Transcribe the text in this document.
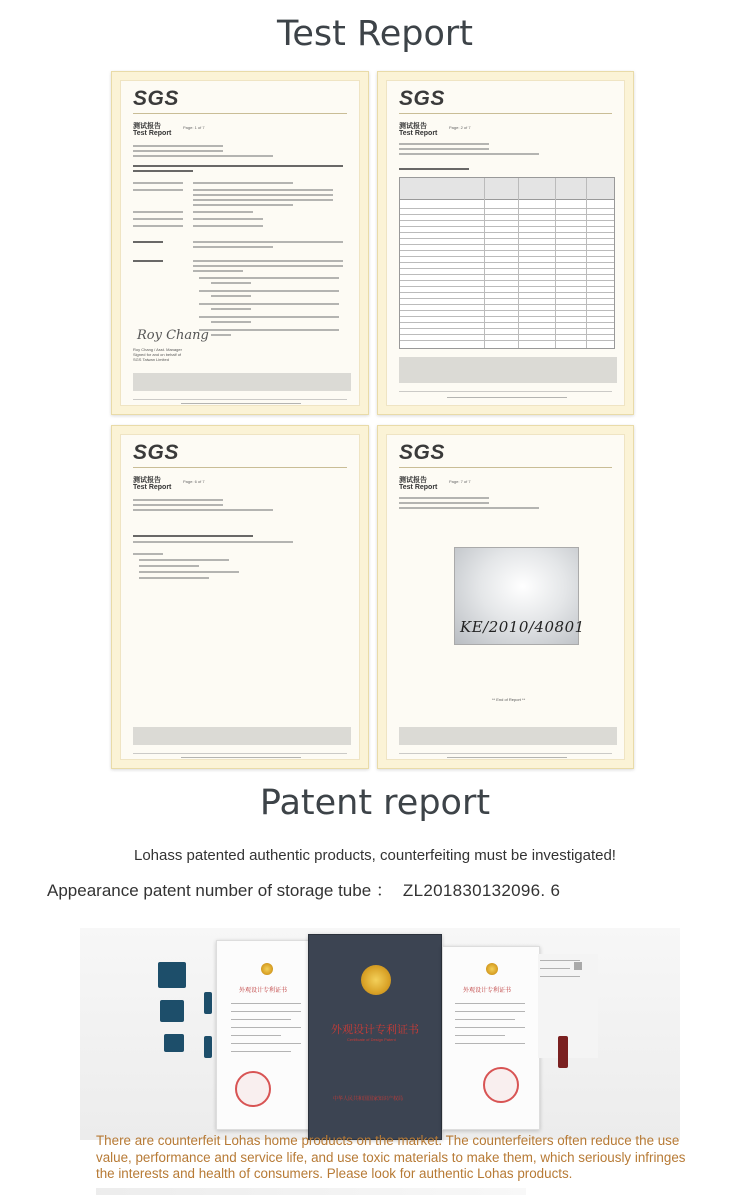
Test Report
SGS
测试报告
Test Report
Page: 1 of 7
Roy Chang
Roy Chang / Asst. Manager
Signed for and on behalf of
SGS Taiwan Limited
SGS
测试报告
Test Report
Page: 2 of 7
SGS
测试报告
Test Report
Page: 6 of 7
SGS
测试报告
Test Report
Page: 7 of 7
KE/2010/40801
** End of Report **
Patent report
Lohass patented authentic products, counterfeiting must be investigated!
Appearance patent number of storage tube ： ZL201830132096. 6
外观设计专利证书
外观设计专利证书
Certificate of Design Patent
中华人民共和国国家知识产权局
外观设计专利证书
There are counterfeit Lohas home products on the market. The counterfeiters often reduce the use value, performance and service life, and use toxic materials to make them, which seriously infringes the interests and health of consumers. Please look for authentic Lohas products.
